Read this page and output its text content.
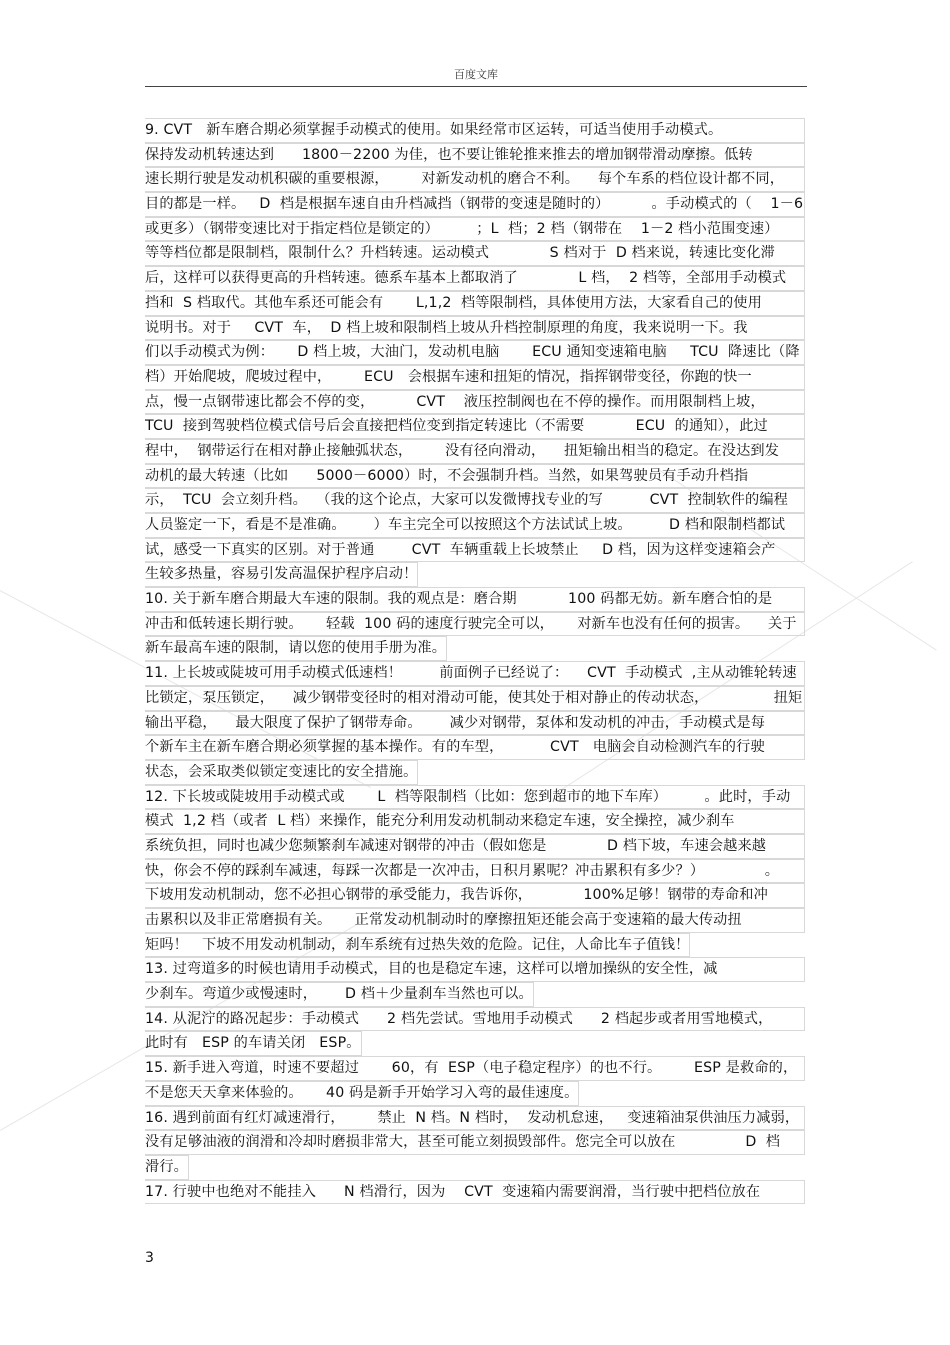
百度文库
9. CVT   新车磨合期必须掌握手动模式的使用。如果经常市区运转，可适当使用手动模式。
保持发动机转速达到      1800－2200 为佳，也不要让锥轮推来推去的增加钢带滑动摩擦。低转
速长期行驶是发动机积碳的重要根源，       对新发动机的磨合不利。    每个车系的档位设计都不同，
目的都是一样。   D  档是根据车速自由升档减挡（钢带的变速是随时的）         。手动模式的（    1－6
或更多）（钢带变速比对于指定档位是锁定的）        ；L  档；2 档（钢带在    1－2 档小范围变速）
等等档位都是限制档，限制什么？升档转速。运动模式             S 档对于  D 档来说，转速比变化滞
后，这样可以获得更高的升档转速。德系车基本上都取消了             L 档，  2 档等，全部用手动模式
挡和  S 档取代。其他车系还可能会有       L,1,2  档等限制档，具体使用方法，大家看自己的使用
说明书。对于     CVT  车，  D 档上坡和限制档上坡从升档控制原理的角度，我来说明一下。我
们以手动模式为例：     D 档上坡，大油门，发动机电脑       ECU 通知变速箱电脑     TCU  降速比（降
档）开始爬坡，爬坡过程中，       ECU   会根据车速和扭矩的情况，指挥钢带变径，你跑的快一
点，慢一点钢带速比都会不停的变，         CVT    液压控制阀也在不停的操作。而用限制档上坡，
TCU  接到驾驶档位模式信号后会直接把档位变到指定转速比（不需要           ECU  的通知），此过
程中，  钢带运行在相对静止接触弧状态，       没有径向滑动，    扭矩输出相当的稳定。在没达到发
动机的最大转速（比如      5000－6000）时，不会强制升档。当然，如果驾驶员有手动升档指
示，  TCU  会立刻升档。  （我的这个论点，大家可以发微博找专业的写          CVT  控制软件的编程
人员鉴定一下，看是不是准确。      ）车主完全可以按照这个方法试试上坡。        D 档和限制档都试
试，感受一下真实的区别。对于普通        CVT  车辆重载上长坡禁止     D 档，因为这样变速箱会产
生较多热量，容易引发高温保护程序启动！
10. 关于新车磨合期最大车速的限制。我的观点是：磨合期           100 码都无妨。新车磨合怕的是
冲击和低转速长期行驶。     轻载  100 码的速度行驶完全可以，     对新车也没有任何的损害。    关于
新车最高车速的限制，请以您的使用手册为准。
11. 上长坡或陡坡可用手动模式低速档！        前面例子已经说了：    CVT  手动模式  ,主从动锥轮转速
比锁定，泵压锁定，    减少钢带变径时的相对滑动可能，使其处于相对静止的传动状态，              扭矩
输出平稳，    最大限度了保护了钢带寿命。      减少对钢带，泵体和发动机的冲击，手动模式是每
个新车主在新车磨合期必须掌握的基本操作。有的车型，          CVT   电脑会自动检测汽车的行驶
状态，会采取类似锁定变速比的安全措施。
12. 下长坡或陡坡用手动模式或       L  档等限制档（比如：您到超市的地下车库）        。此时，手动
模式  1,2 档（或者  L 档）来操作，能充分利用发动机制动来稳定车速，安全操控，减少刹车
系统负担，同时也减少您频繁刹车减速对钢带的冲击（假如您是             D 档下坡，车速会越来越
快，你会不停的踩刹车减速，每踩一次都是一次冲击，日积月累呢？冲击累积有多少？）             。
下坡用发动机制动，您不必担心钢带的承受能力，我告诉你，           100%足够！钢带的寿命和冲
击累积以及非正常磨损有关。     正常发动机制动时的摩擦扭矩还能会高于变速箱的最大传动扭
矩吗！   下坡不用发动机制动，刹车系统有过热失效的危险。记住，人命比车子值钱！
13. 过弯道多的时候也请用手动模式，目的也是稳定车速，这样可以增加操纵的安全性，减
少刹车。弯道少或慢速时，      D 档＋少量刹车当然也可以。
14. 从泥泞的路况起步：手动模式      2 档先尝试。雪地用手动模式      2 档起步或者用雪地模式，
此时有   ESP 的车请关闭   ESP。
15. 新手进入弯道，时速不要超过       60，有  ESP（电子稳定程序）的也不行。       ESP 是救命的，
不是您天天拿来体验的。     40 码是新手开始学习入弯的最佳速度。
16. 遇到前面有红灯减速滑行，       禁止  N 档。N 档时，  发动机怠速，   变速箱油泵供油压力减弱，
没有足够油液的润滑和冷却时磨损非常大，甚至可能立刻损毁部件。您完全可以放在               D  档
滑行。
17. 行驶中也绝对不能挂入      N 档滑行，因为    CVT  变速箱内需要润滑，当行驶中把档位放在
3
